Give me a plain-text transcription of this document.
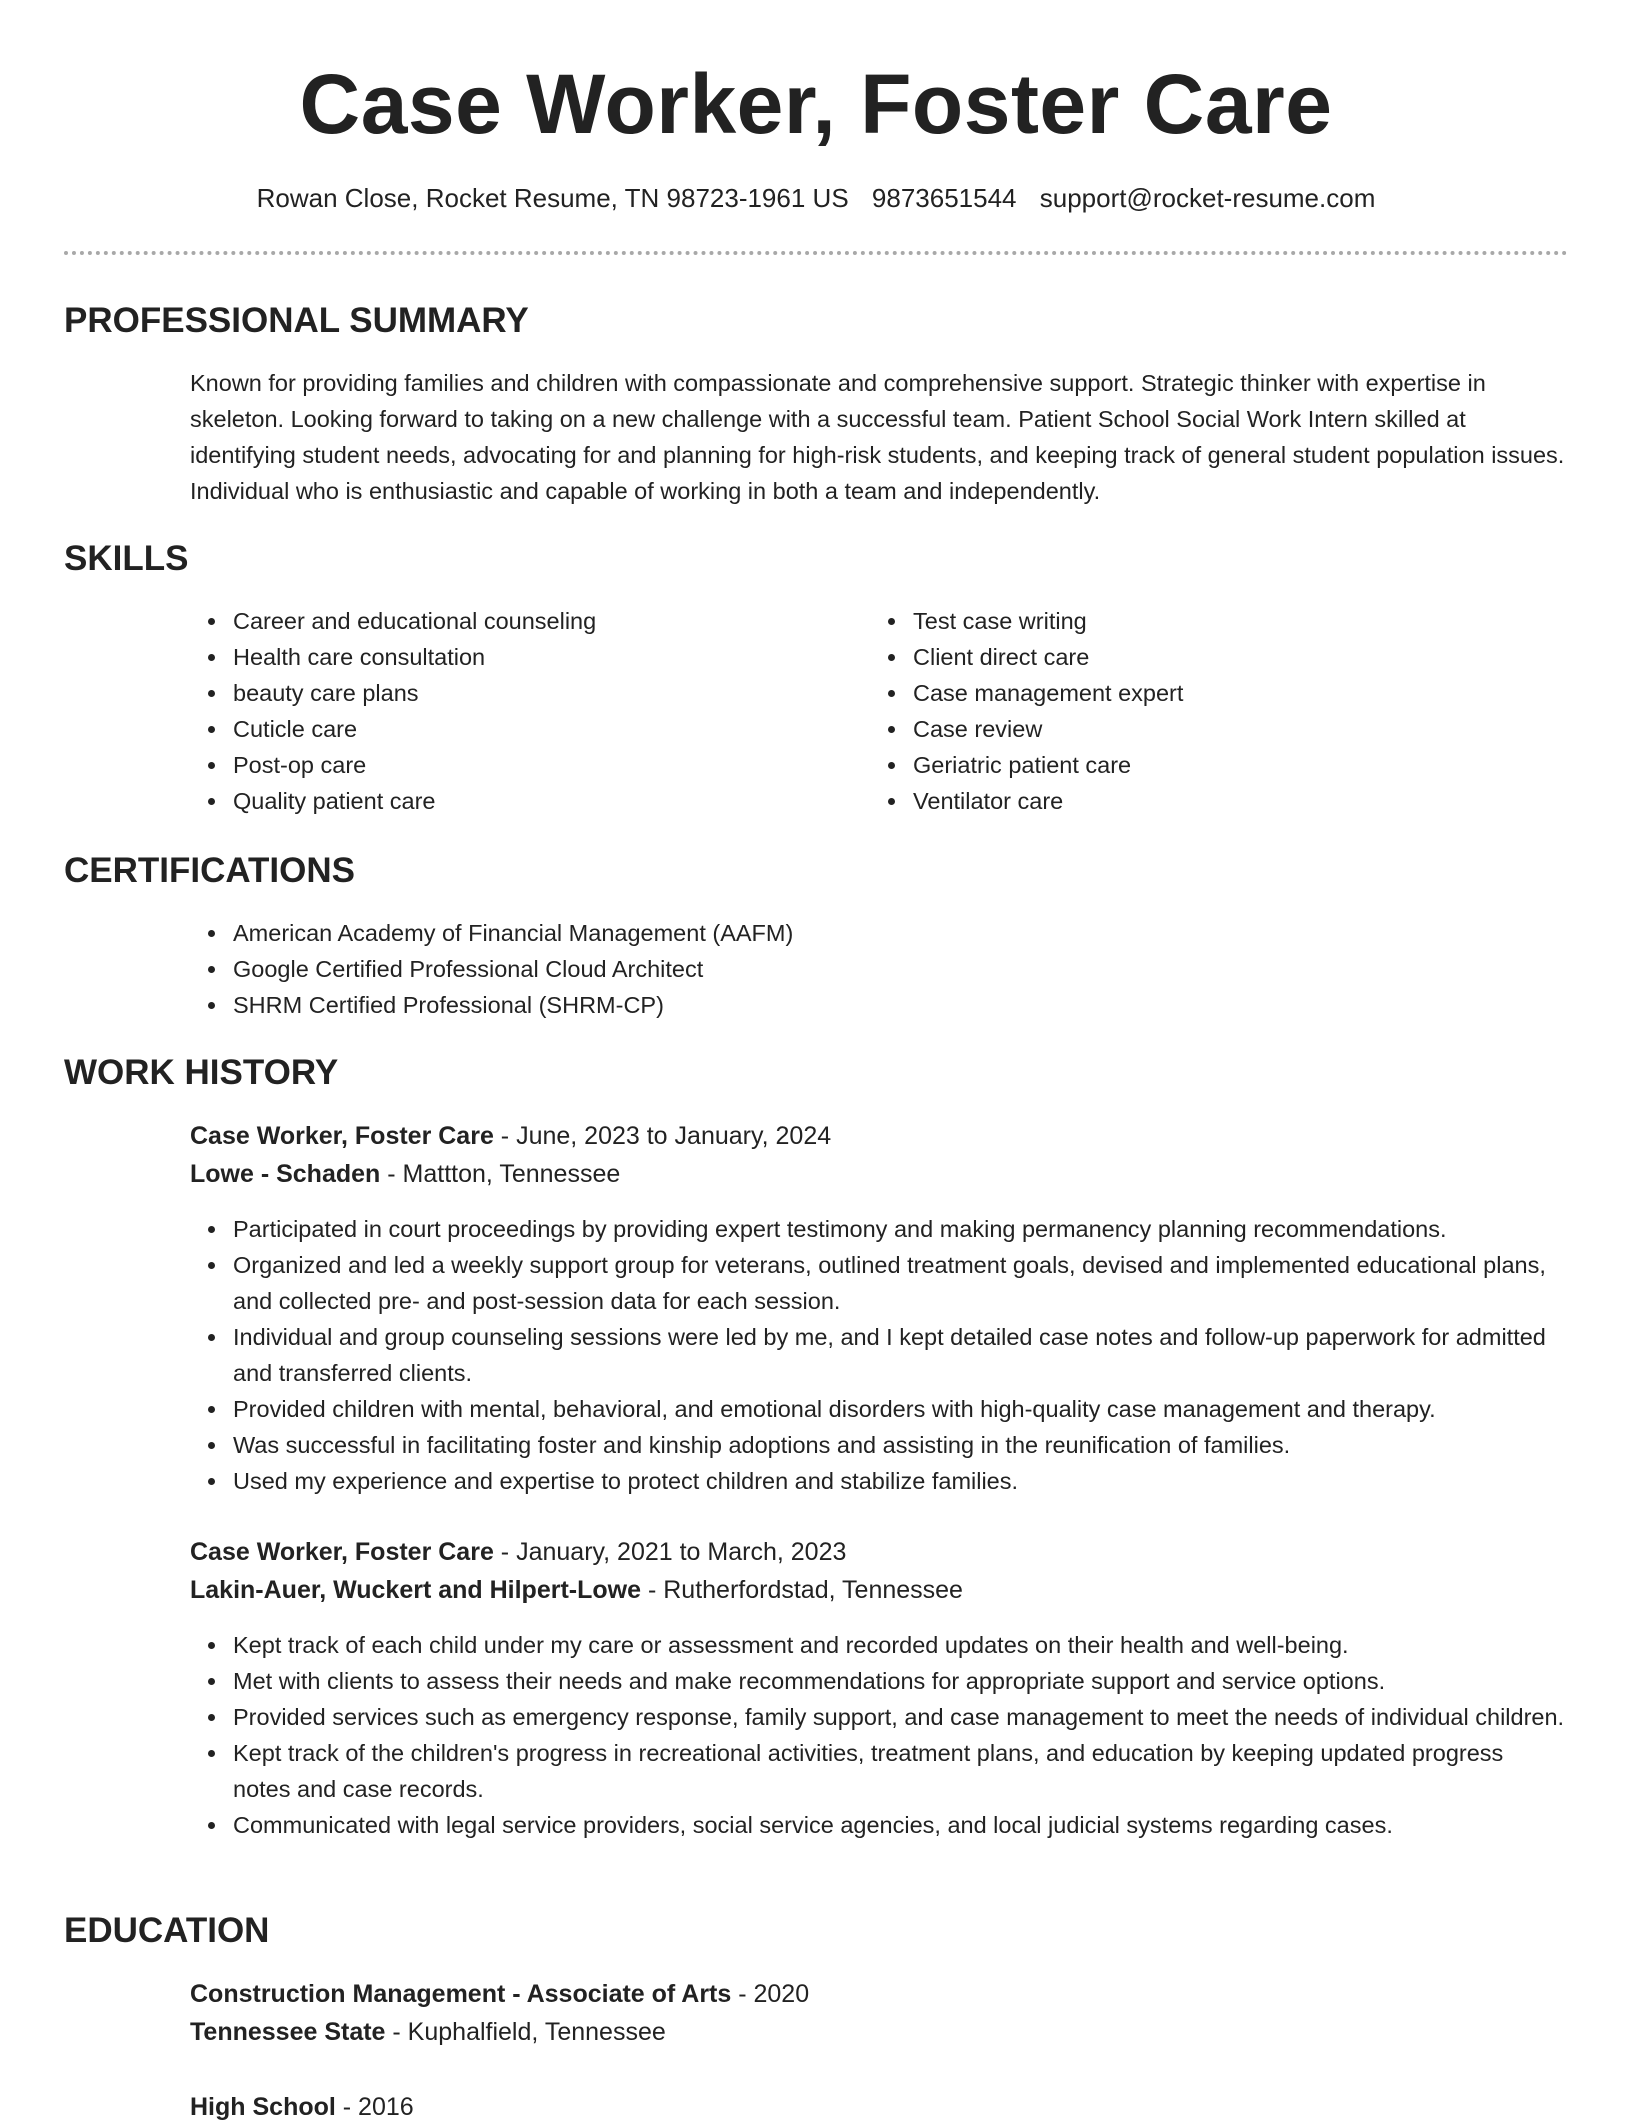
Case Worker, Foster Care
Rowan Close, Rocket Resume, TN 98723-1961 US 9873651544 support@rocket-resume.com
PROFESSIONAL SUMMARY

Known for providing families and children with compassionate and comprehensive support. Strategic thinker with expertise in skeleton. Looking forward to taking on a new challenge with a successful team. Patient School Social Work Intern skilled at identifying student needs, advocating for and planning for high-risk students, and keeping track of general student population issues. Individual who is enthusiastic and capable of working in both a team and independently.

SKILLS
Career and educational counseling
Health care consultation
beauty care plans
Cuticle care
Post-op care
Quality patient care
Test case writing
Client direct care
Case management expert
Case review
Geriatric patient care
Ventilator care
CERTIFICATIONS
American Academy of Financial Management (AAFM)
Google Certified Professional Cloud Architect
SHRM Certified Professional (SHRM-CP)
WORK HISTORY

Case Worker, Foster Care - June, 2023 to January, 2024

Lowe - Schaden - Mattton, Tennessee

Participated in court proceedings by providing expert testimony and making permanency planning recommendations.
Organized and led a weekly support group for veterans, outlined treatment goals, devised and implemented educational plans, and collected pre- and post-session data for each session.
Individual and group counseling sessions were led by me, and I kept detailed case notes and follow-up paperwork for admitted and transferred clients.
Provided children with mental, behavioral, and emotional disorders with high-quality case management and therapy.
Was successful in facilitating foster and kinship adoptions and assisting in the reunification of families.
Used my experience and expertise to protect children and stabilize families.

Case Worker, Foster Care - January, 2021 to March, 2023

Lakin-Auer, Wuckert and Hilpert-Lowe - Rutherfordstad, Tennessee

Kept track of each child under my care or assessment and recorded updates on their health and well-being.
Met with clients to assess their needs and make recommendations for appropriate support and service options.
Provided services such as emergency response, family support, and case management to meet the needs of individual children.
Kept track of the children's progress in recreational activities, treatment plans, and education by keeping updated progress notes and case records.
Communicated with legal service providers, social service agencies, and local judicial systems regarding cases.
EDUCATION

Construction Management - Associate of Arts - 2020

Tennessee State - Kuphalfield, Tennessee

High School - 2016
